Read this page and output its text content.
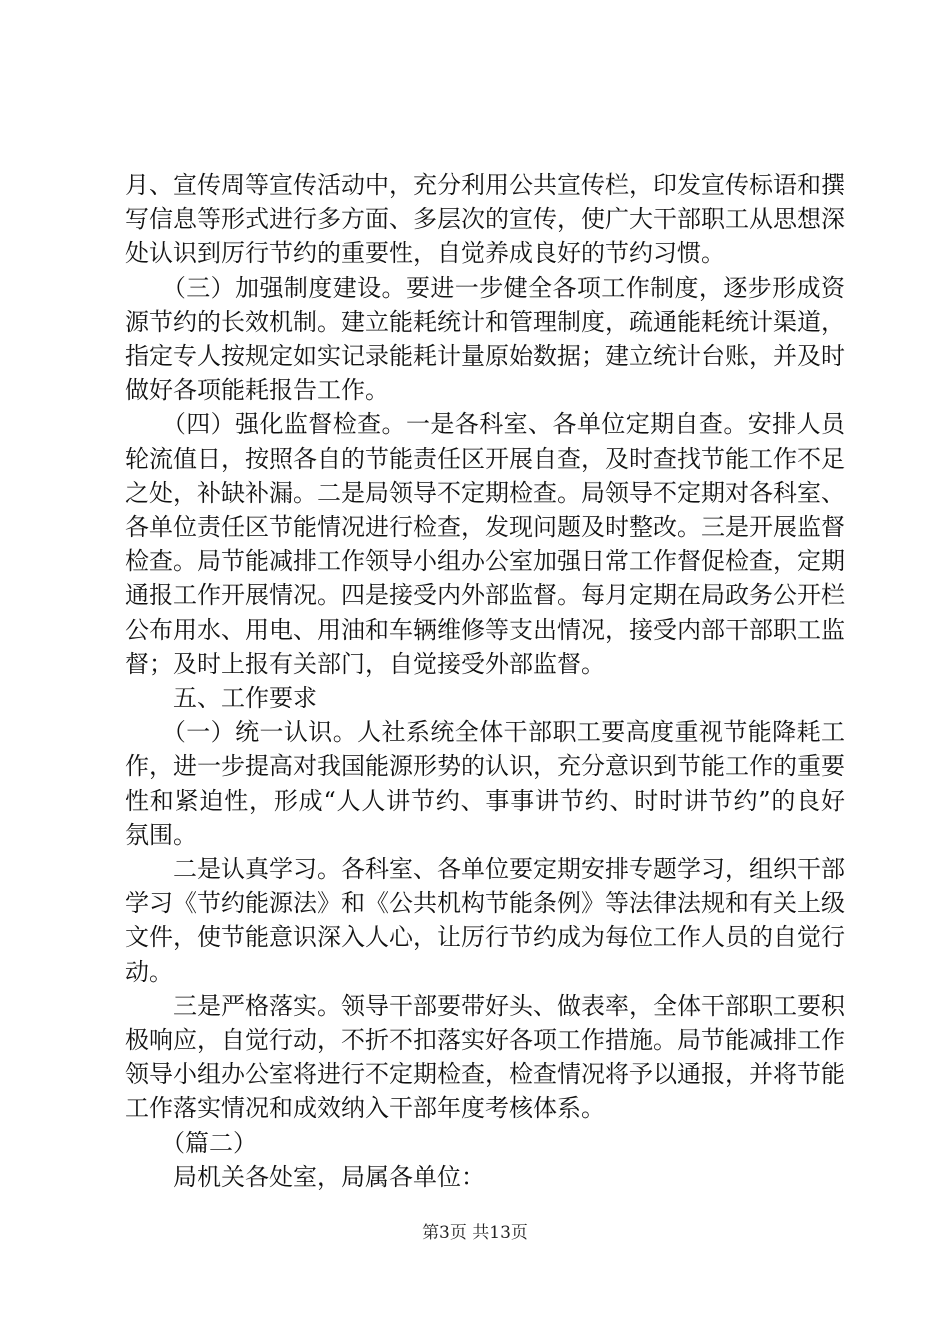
月、宣传周等宣传活动中，充分利用公共宣传栏，印发宣传标语和撰写信息等形式进行多方面、多层次的宣传，使广大干部职工从思想深处认识到厉行节约的重要性，自觉养成良好的节约习惯。

　　（三）加强制度建设。要进一步健全各项工作制度，逐步形成资源节约的长效机制。建立能耗统计和管理制度，疏通能耗统计渠道，指定专人按规定如实记录能耗计量原始数据；建立统计台账，并及时做好各项能耗报告工作。

　　（四）强化监督检查。一是各科室、各单位定期自查。安排人员轮流值日，按照各自的节能责任区开展自查，及时查找节能工作不足之处，补缺补漏。二是局领导不定期检查。局领导不定期对各科室、各单位责任区节能情况进行检查，发现问题及时整改。三是开展监督检查。局节能减排工作领导小组办公室加强日常工作督促检查，定期通报工作开展情况。四是接受内外部监督。每月定期在局政务公开栏公布用水、用电、用油和车辆维修等支出情况，接受内部干部职工监督；及时上报有关部门，自觉接受外部监督。

　　五、工作要求

　　（一）统一认识。人社系统全体干部职工要高度重视节能降耗工作，进一步提高对我国能源形势的认识，充分意识到节能工作的重要性和紧迫性，形成“人人讲节约、事事讲节约、时时讲节约”的良好氛围。

　　二是认真学习。各科室、各单位要定期安排专题学习，组织干部学习《节约能源法》和《公共机构节能条例》等法律法规和有关上级文件，使节能意识深入人心，让厉行节约成为每位工作人员的自觉行动。

　　三是严格落实。领导干部要带好头、做表率，全体干部职工要积极响应，自觉行动，不折不扣落实好各项工作措施。局节能减排工作领导小组办公室将进行不定期检查，检查情况将予以通报，并将节能工作落实情况和成效纳入干部年度考核体系。

　　（篇二）

　　局机关各处室，局属各单位：

第3页 共13页
